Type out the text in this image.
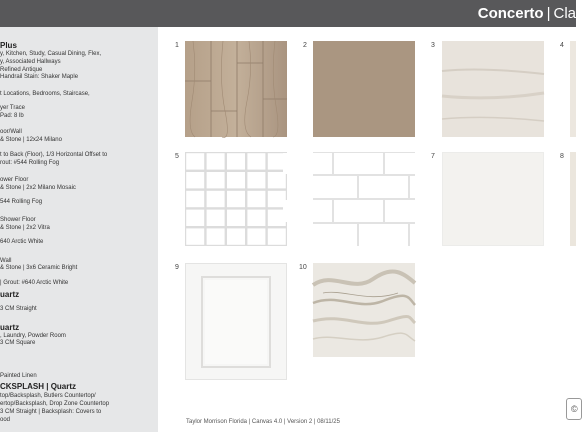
Concerto | Cla
Plus
y, Kitchen, Study, Casual Dining, Flex,
y, Associated Hallways
Refined Antique
Handrail Stain: Shaker Maple
t Locations, Bedrooms, Staircase,
yer Trace
Pad: 8 lb
oor/Wall
& Stone | 12x24 Milano
t to Back (Floor), 1/3 Horizontal Offset to
rout: #544 Rolling Fog
ower Floor
& Stone | 2x2 Milano Mosaic
544 Rolling Fog
Shower Floor
& Stone | 2x2 Vitra
640 Arctic White
Wall
& Stone | 3x6 Ceramic Bright
| Grout: #640 Arctic White
uartz
3 CM Straight
uartz
, Laundry, Powder Room
3 CM Square
Painted Linen
CKSPLASH | Quartz
top/Backsplash, Butlers Countertop/
ertop/Backsplash, Drop Zone Countertop
3 CM Straight | Backsplash: Covers to
ood
1	2	3	4
5	7	8
9	10
Taylor Morrison Florida | Canvas 4.0 | Version 2 | 08/11/25
©
